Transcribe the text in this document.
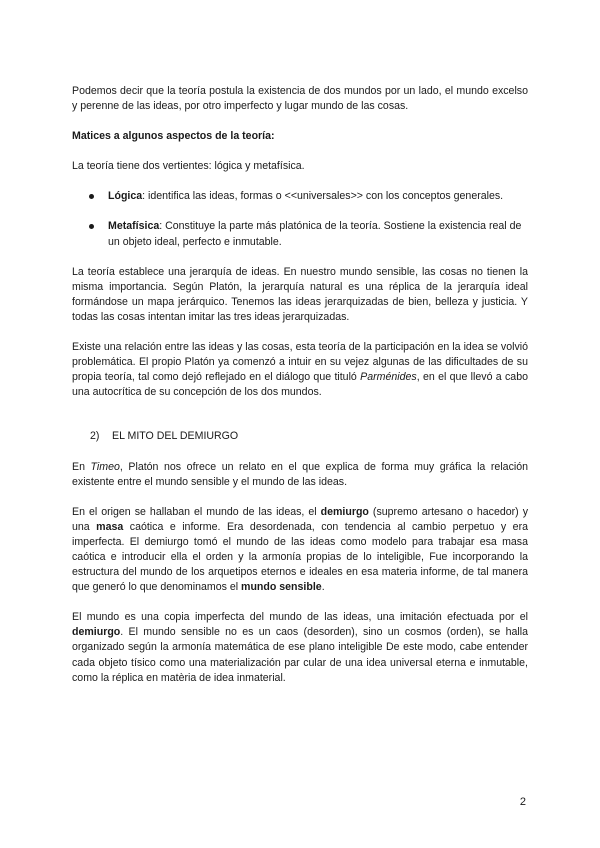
Podemos decir que la teoría postula la existencia de dos mundos por un lado, el mundo excelso y perenne de las ideas, por otro imperfecto y lugar mundo de las cosas.

Matices a algunos aspectos de la teoría:

La teoría tiene dos vertientes: lógica y metafísica.

Lógica: identifica las ideas, formas o <<universales>> con los conceptos generales.
Metafísica: Constituye la parte más platónica de la teoría. Sostiene la existencia real de un objeto ideal, perfecto e inmutable.

La teoría establece una jerarquía de ideas. En nuestro mundo sensible, las cosas no tienen la misma importancia. Según Platón, la jerarquía natural es una réplica de la jerarquía ideal formándose un mapa jerárquico. Tenemos las ideas jerarquizadas de bien, belleza y justicia. Y todas las cosas intentan imitar las tres ideas jerarquizadas.

Existe una relación entre las ideas y las cosas, esta teoría de la participación en la idea se volvió problemática. El propio Platón ya comenzó a intuir en su vejez algunas de las dificultades de su propia teoría, tal como dejó reflejado en el diálogo que tituló Parménides, en el que llevó a cabo una autocrítica de su concepción de los dos mundos.

2) EL MITO DEL DEMIURGO

En Timeo, Platón nos ofrece un relato en el que explica de forma muy gráfica la relación existente entre el mundo sensible y el mundo de las ideas.

En el origen se hallaban el mundo de las ideas, el demiurgo (supremo artesano o hacedor) y una masa caótica e informe. Era desordenada, con tendencia al cambio perpetuo y era imperfecta. El demiurgo tomó el mundo de las ideas como modelo para trabajar esa masa caótica e introducir ella el orden y la armonía propias de lo inteligible, Fue incorporando la estructura del mundo de los arquetipos eternos e ideales en esa materia informe, de tal manera que generó lo que denominamos el mundo sensible.

El mundo es una copia imperfecta del mundo de las ideas, una imitación efectuada por el demiurgo. El mundo sensible no es un caos (desorden), sino un cosmos (orden), se halla organizado según la armonía matemática de ese plano inteligible De este modo, cabe entender cada objeto tísico como una materialización par cular de una idea universal eterna e inmutable, como la réplica en matèria de idea inmaterial.

2
